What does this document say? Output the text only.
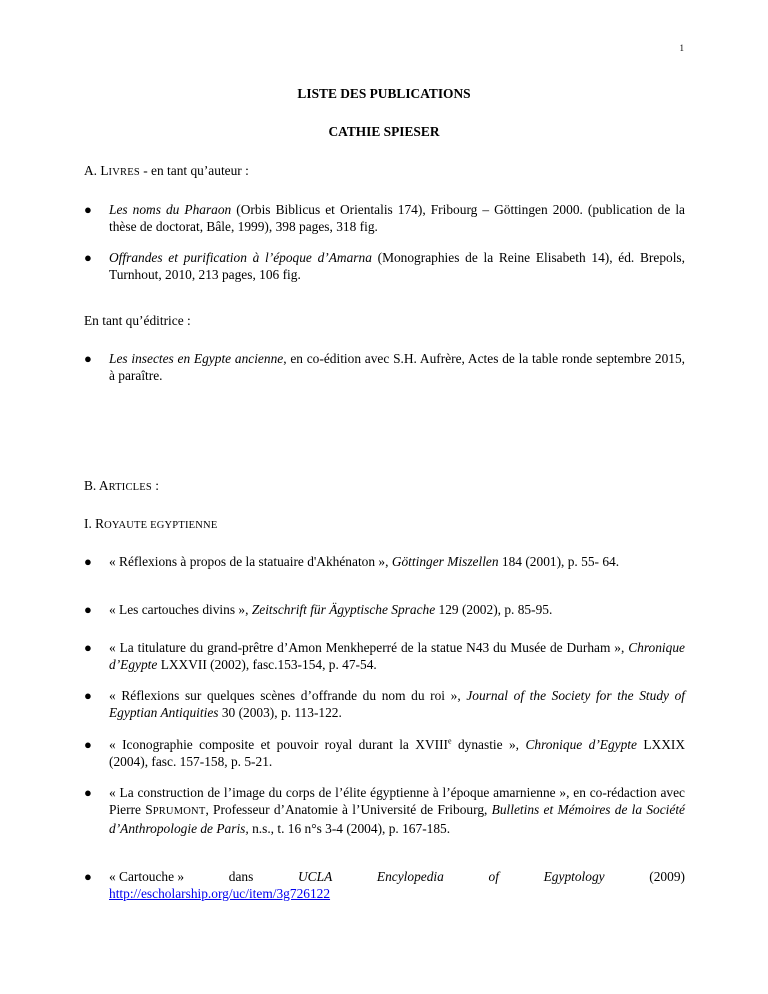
1
LISTE DES PUBLICATIONS
CATHIE SPIESER
A. LIVRES - en tant qu’auteur :
● Les noms du Pharaon (Orbis Biblicus et Orientalis 174), Fribourg – Göttingen 2000. (publication de la thèse de doctorat, Bâle, 1999), 398 pages, 318 fig.
● Offrandes et purification à l’époque d’Amarna (Monographies de la Reine Elisabeth 14), éd. Brepols, Turnhout, 2010, 213 pages, 106 fig.
En tant qu’éditrice :
● Les insectes en Egypte ancienne, en co-édition avec S.H. Aufrère, Actes de la table ronde septembre 2015, à paraître.
B. ARTICLES :
I. ROYAUTE EGYPTIENNE
● « Réflexions à propos de la statuaire d'Akhénaton », Göttinger Miszellen 184 (2001), p. 55- 64.
● « Les cartouches divins », Zeitschrift für Ägyptische Sprache 129 (2002), p. 85-95.
● « La titulature du grand-prêtre d’Amon Menkheperré de la statue N43 du Musée de Durham », Chronique d’Egypte LXXVII (2002), fasc.153-154, p. 47-54.
● « Réflexions sur quelques scènes d’offrande du nom du roi », Journal of the Society for the Study of Egyptian Antiquities 30 (2003), p. 113-122.
● « Iconographie composite et pouvoir royal durant la XVIIIe dynastie », Chronique d’Egypte LXXIX (2004), fasc. 157-158, p. 5-21.
● « La construction de l’image du corps de l’élite égyptienne à l’époque amarnienne », en co-rédaction avec Pierre SPRUMONT, Professeur d’Anatomie à l’Université de Fribourg, Bulletins et Mémoires de la Société d’Anthropologie de Paris, n.s., t. 16 n°s 3-4 (2004), p. 167-185.
● « Cartouche »	dans	UCLA	Encylopedia	of	Egyptology	(2009)
http://escholarship.org/uc/item/3g726122
